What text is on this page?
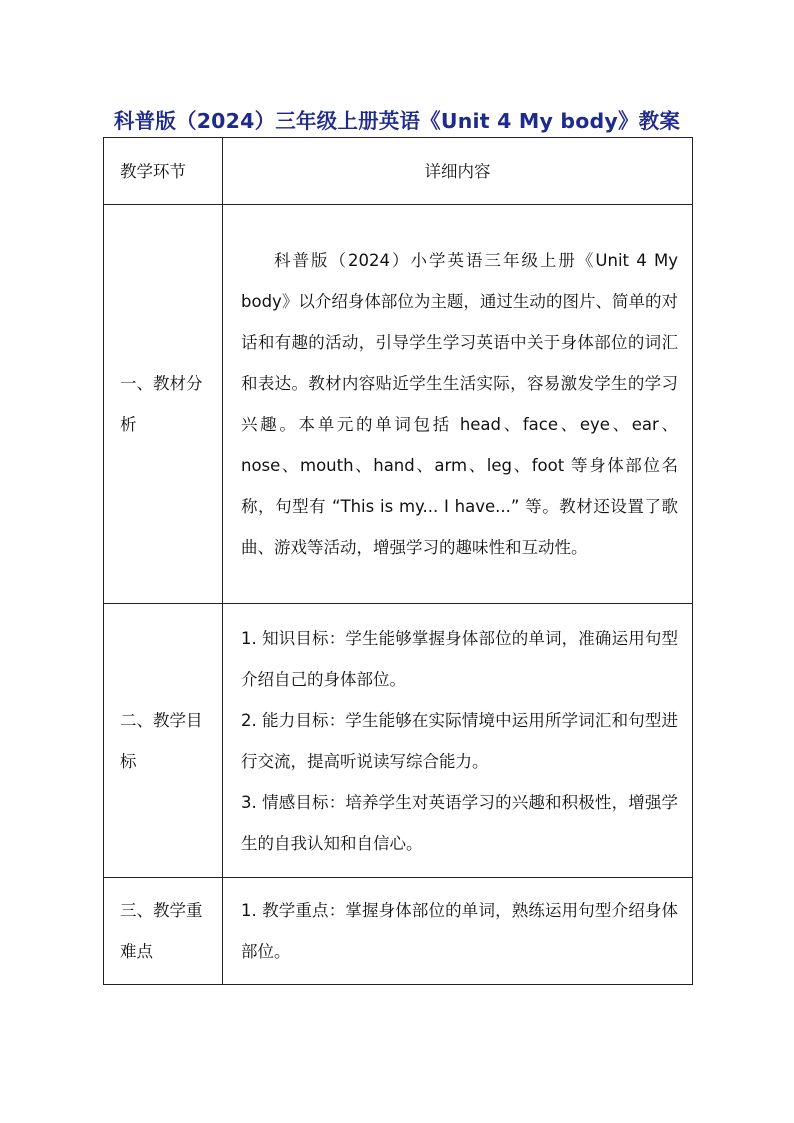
科普版（2024）三年级上册英语《Unit 4 My body》教案
教学环节	详细内容
一、教材分析	科普版（2024）小学英语三年级上册《Unit 4 My body》以介绍身体部位为主题，通过生动的图片、简单的对话和有趣的活动，引导学生学习英语中关于身体部位的词汇和表达。教材内容贴近学生生活实际，容易激发学生的学习兴趣。本单元的单词包括 head、face、eye、ear、nose、mouth、hand、arm、leg、foot 等身体部位名称，句型有 “This is my... I have...” 等。教材还设置了歌曲、游戏等活动，增强学习的趣味性和互动性。

二、教学目标	1. 知识目标：学生能够掌握身体部位的单词，准确运用句型介绍自己的身体部位。

2. 能力目标：学生能够在实际情境中运用所学词汇和句型进行交流，提高听说读写综合能力。

3. 情感目标：培养学生对英语学习的兴趣和积极性，增强学生的自我认知和自信心。

三、教学重难点	1. 教学重点：掌握身体部位的单词，熟练运用句型介绍身体部位。
